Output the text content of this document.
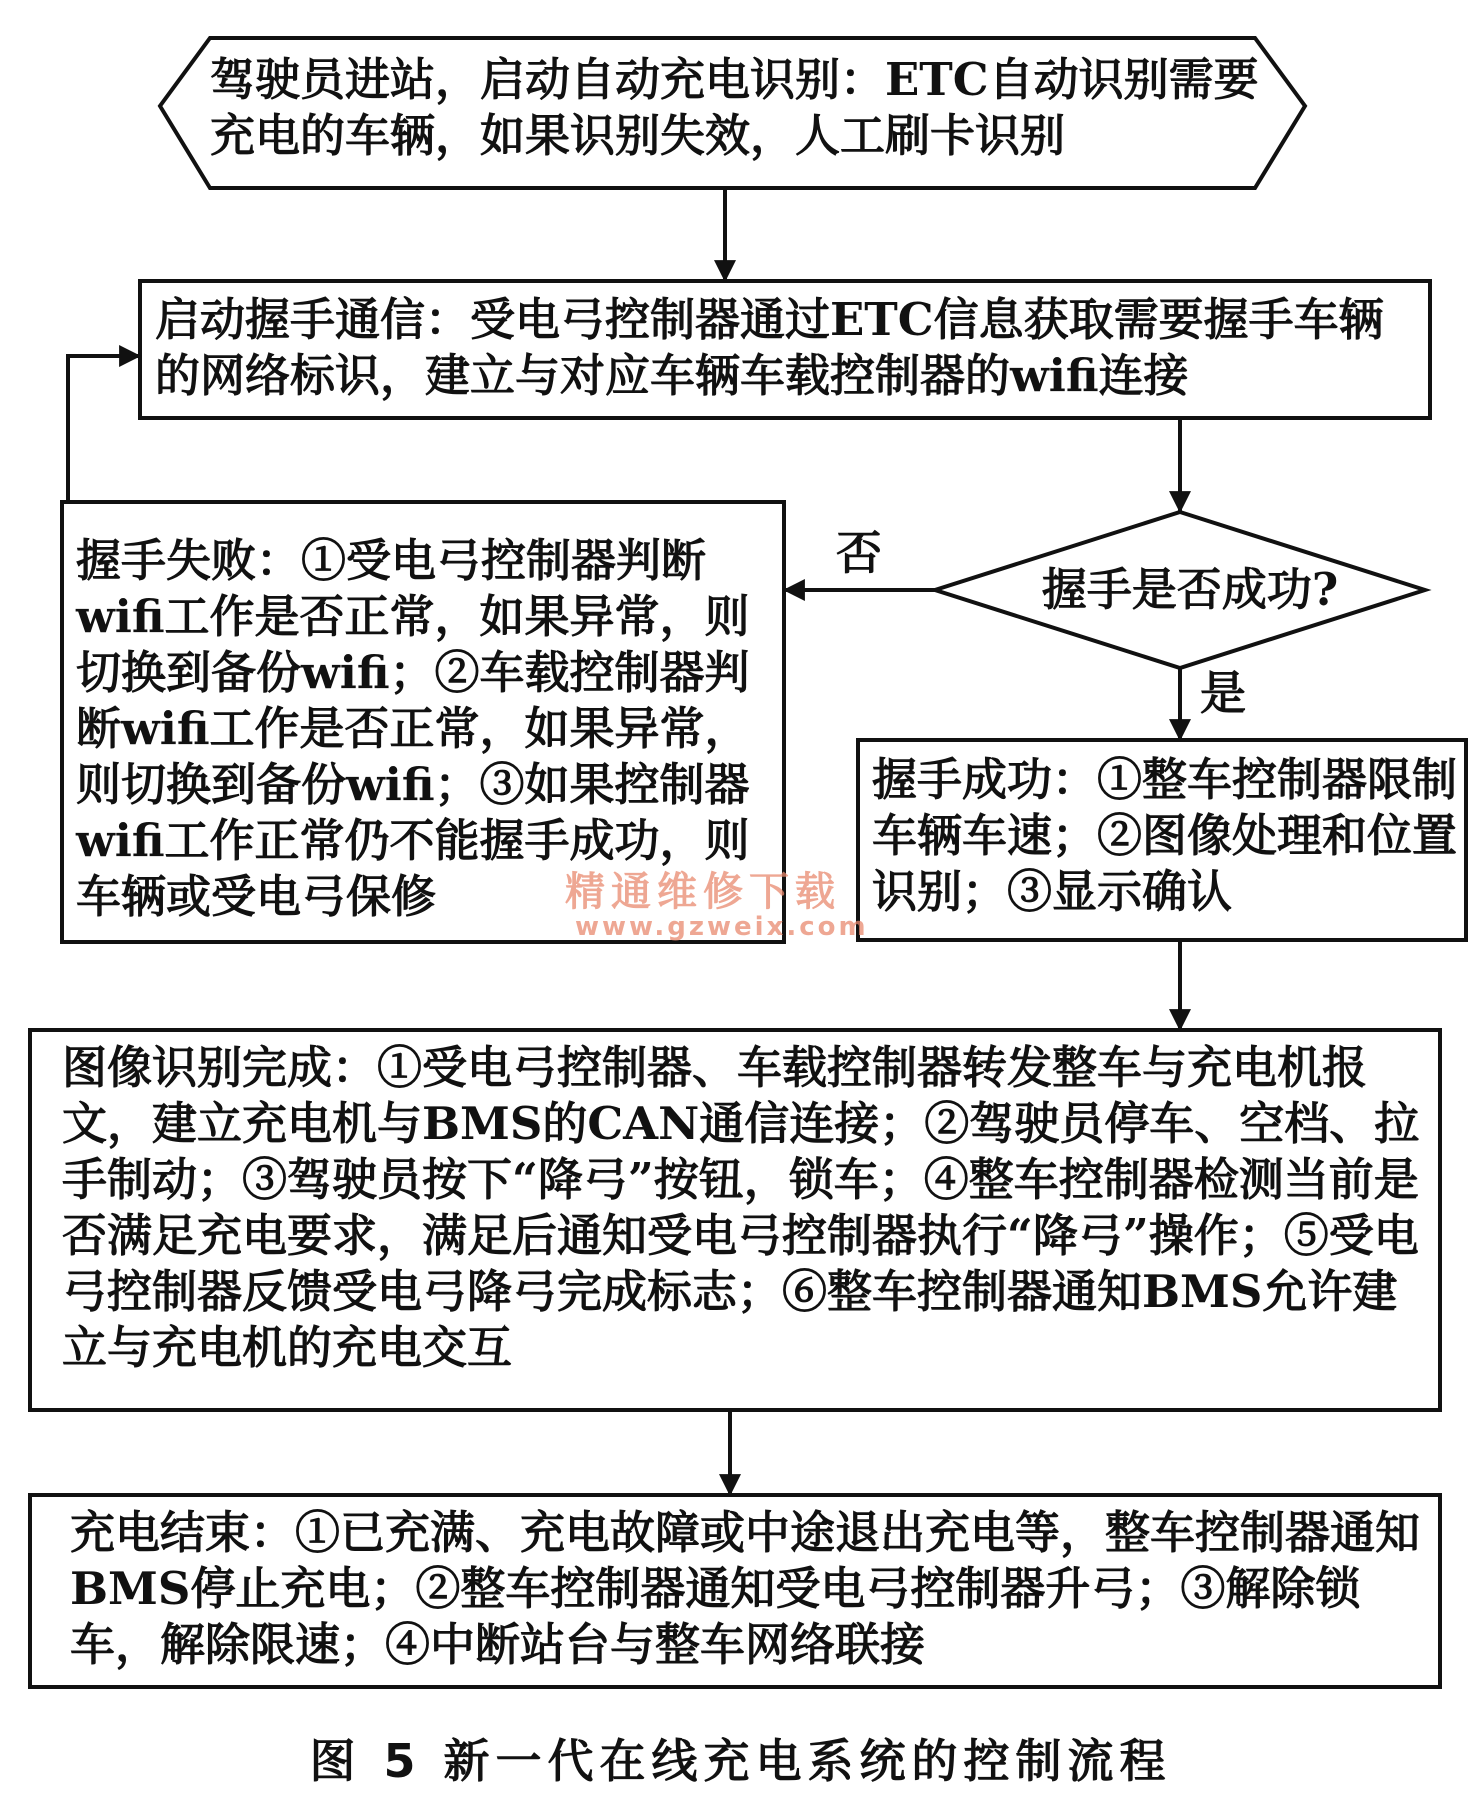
驾驶员进站，启动自动充电识别：ETC自动识别需要充电的车辆，如果识别失效，人工刷卡识别
启动握手通信：受电弓控制器通过ETC信息获取需要握手车辆的网络标识，建立与对应车辆车载控制器的wifi连接
握手是否成功?
握手失败：①受电弓控制器判断wifi工作是否正常，如果异常，则切换到备份wifi；②车载控制器判断wifi工作是否正常，如果异常，则切换到备份wifi；③如果控制器wifi工作正常仍不能握手成功，则车辆或受电弓保修
握手成功：①整车控制器限制车辆车速；②图像处理和位置识别；③显示确认
图像识别完成：①受电弓控制器、车载控制器转发整车与充电机报文，建立充电机与BMS的CAN通信连接；②驾驶员停车、空档、拉手制动；③驾驶员按下“降弓”按钮，锁车；④整车控制器检测当前是否满足充电要求，满足后通知受电弓控制器执行“降弓”操作；⑤受电弓控制器反馈受电弓降弓完成标志；⑥整车控制器通知BMS允许建立与充电机的充电交互
充电结束：①已充满、充电故障或中途退出充电等，整车控制器通知BMS停止充电；②整车控制器通知受电弓控制器升弓；③解除锁车，解除限速；④中断站台与整车网络联接
否
是
精通维修下载
www.gzweix.com
图 5 新一代在线充电系统的控制流程
